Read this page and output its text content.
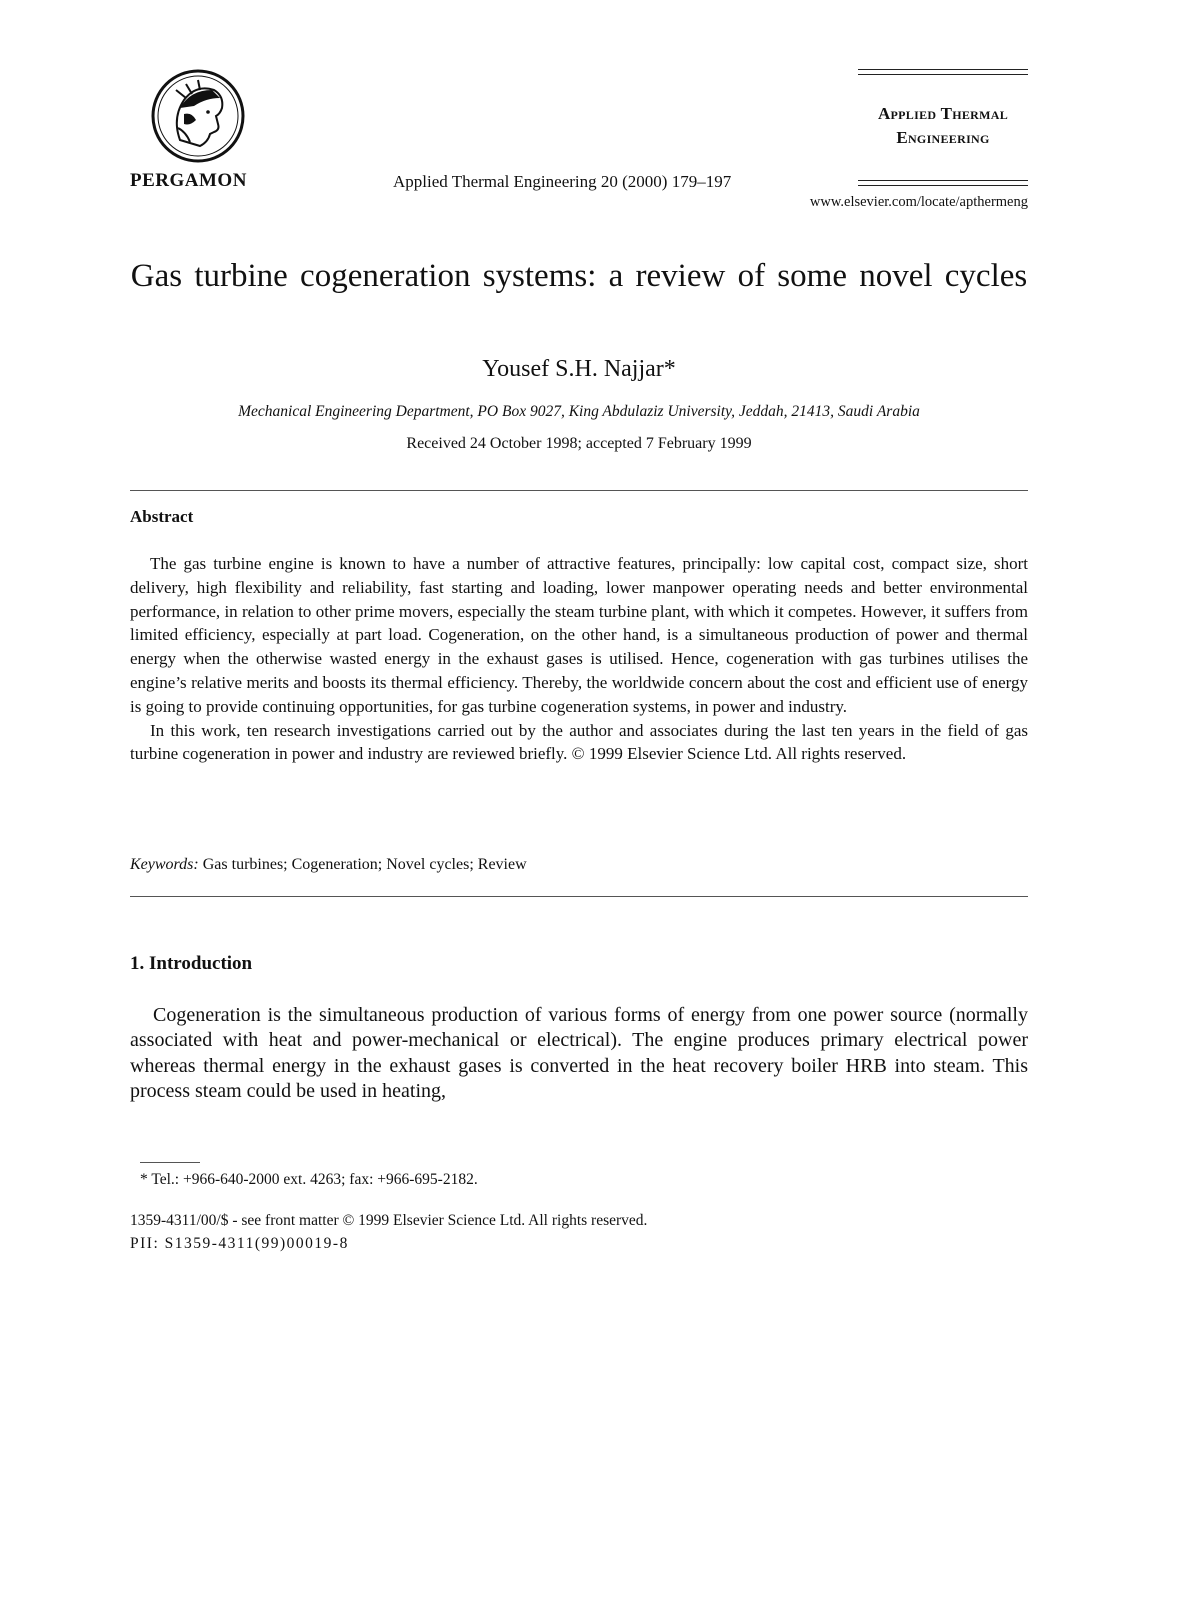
PERGAMON	Applied Thermal Engineering 20 (2000) 179–197
Applied Thermal
Engineering
www.elsevier.com/locate/apthermeng
Gas turbine cogeneration systems: a review of some novel cycles
Yousef S.H. Najjar*
Mechanical Engineering Department, PO Box 9027, King Abdulaziz University, Jeddah, 21413, Saudi Arabia
Received 24 October 1998; accepted 7 February 1999
Abstract

The gas turbine engine is known to have a number of attractive features, principally: low capital cost, compact size, short delivery, high flexibility and reliability, fast starting and loading, lower manpower operating needs and better environmental performance, in relation to other prime movers, especially the steam turbine plant, with which it competes. However, it suffers from limited efficiency, especially at part load. Cogeneration, on the other hand, is a simultaneous production of power and thermal energy when the otherwise wasted energy in the exhaust gases is utilised. Hence, cogeneration with gas turbines utilises the engine’s relative merits and boosts its thermal efficiency. Thereby, the worldwide concern about the cost and efficient use of energy is going to provide continuing opportunities, for gas turbine cogeneration systems, in power and industry.

In this work, ten research investigations carried out by the author and associates during the last ten years in the field of gas turbine cogeneration in power and industry are reviewed briefly. © 1999 Elsevier Science Ltd. All rights reserved.

Keywords: Gas turbines; Cogeneration; Novel cycles; Review
1. Introduction

Cogeneration is the simultaneous production of various forms of energy from one power source (normally associated with heat and power-mechanical or electrical). The engine produces primary electrical power whereas thermal energy in the exhaust gases is converted in the heat recovery boiler HRB into steam. This process steam could be used in heating,

* Tel.: +966-640-2000 ext. 4263; fax: +966-695-2182.
1359-4311/00/$ - see front matter © 1999 Elsevier Science Ltd. All rights reserved.
PII: S1359-4311(99)00019-8
